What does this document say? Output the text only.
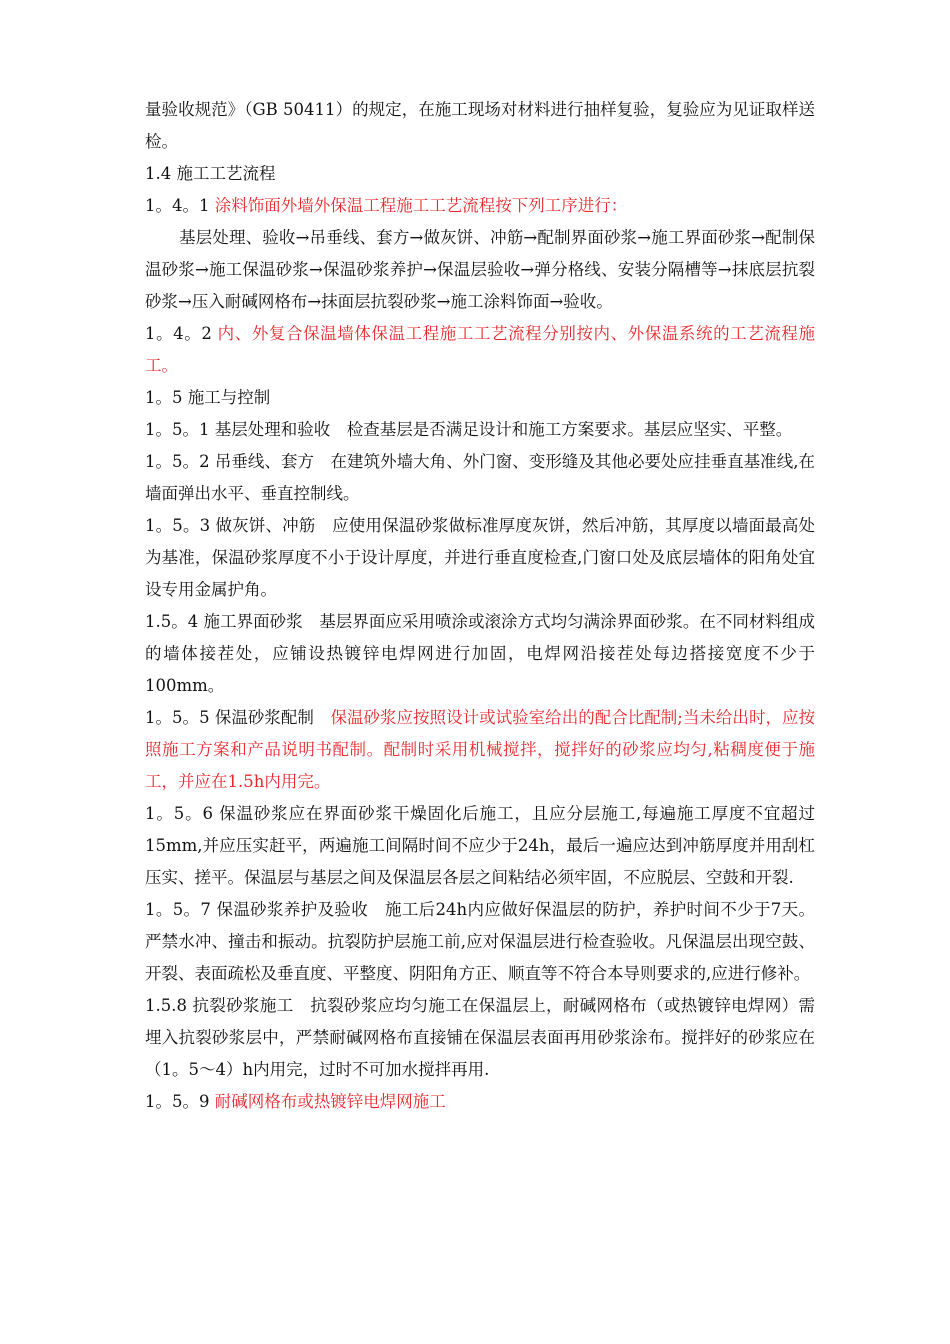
量验收规范》（GB 50411）的规定，在施工现场对材料进行抽样复验，复验应为见证取样送检。

1.4 施工工艺流程

1。4。1 涂料饰面外墙外保温工程施工工艺流程按下列工序进行：

基层处理、验收→吊垂线、套方→做灰饼、冲筋→配制界面砂浆→施工界面砂浆→配制保温砂浆→施工保温砂浆→保温砂浆养护→保温层验收→弹分格线、安装分隔槽等→抹底层抗裂砂浆→压入耐碱网格布→抹面层抗裂砂浆→施工涂料饰面→验收。

1。4。2 内、外复合保温墙体保温工程施工工艺流程分别按内、外保温系统的工艺流程施工。

1。5 施工与控制

1。5。1 基层处理和验收　检查基层是否满足设计和施工方案要求。基层应坚实、平整。

1。5。2 吊垂线、套方　在建筑外墙大角、外门窗、变形缝及其他必要处应挂垂直基准线,在墙面弹出水平、垂直控制线。

1。5。3 做灰饼、冲筋　应使用保温砂浆做标准厚度灰饼，然后冲筋，其厚度以墙面最高处为基准，保温砂浆厚度不小于设计厚度，并进行垂直度检查,门窗口处及底层墙体的阳角处宜设专用金属护角。

1.5。4 施工界面砂浆　基层界面应采用喷涂或滚涂方式均匀满涂界面砂浆。在不同材料组成的墙体接茬处，应铺设热镀锌电焊网进行加固，电焊网沿接茬处每边搭接宽度不少于100mm。

1。5。5 保温砂浆配制　保温砂浆应按照设计或试验室给出的配合比配制;当未给出时，应按照施工方案和产品说明书配制。配制时采用机械搅拌，搅拌好的砂浆应均匀,粘稠度便于施工，并应在1.5h内用完。

1。5。6 保温砂浆应在界面砂浆干燥固化后施工，且应分层施工,每遍施工厚度不宜超过15mm,并应压实赶平，两遍施工间隔时间不应少于24h，最后一遍应达到冲筋厚度并用刮杠压实、搓平。保温层与基层之间及保温层各层之间粘结必须牢固，不应脱层、空鼓和开裂.

1。5。7 保温砂浆养护及验收　施工后24h内应做好保温层的防护，养护时间不少于7天。严禁水冲、撞击和振动。抗裂防护层施工前,应对保温层进行检查验收。凡保温层出现空鼓、开裂、表面疏松及垂直度、平整度、阴阳角方正、顺直等不符合本导则要求的,应进行修补。

1.5.8 抗裂砂浆施工　抗裂砂浆应均匀施工在保温层上，耐碱网格布（或热镀锌电焊网）需埋入抗裂砂浆层中，严禁耐碱网格布直接铺在保温层表面再用砂浆涂布。搅拌好的砂浆应在（1。5～4）h内用完，过时不可加水搅拌再用.

1。5。9 耐碱网格布或热镀锌电焊网施工
